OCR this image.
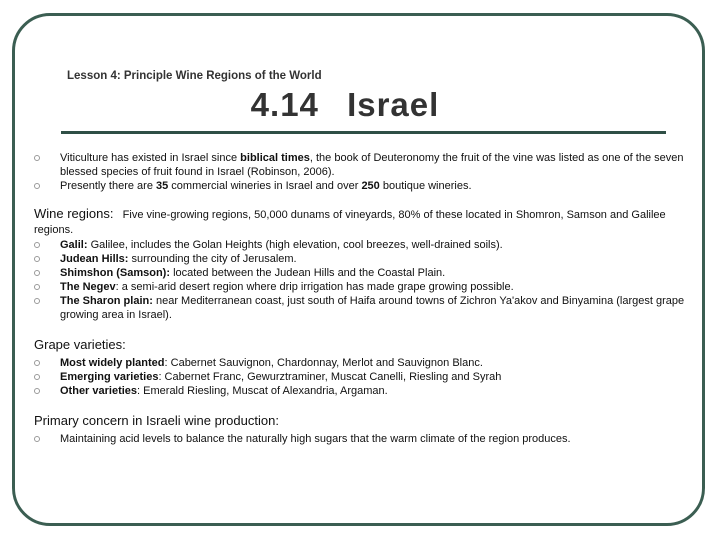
Lesson 4: Principle Wine Regions of the World
4.14 Israel
Viticulture has existed in Israel since biblical times, the book of Deuteronomy the fruit of the vine was listed as one of the seven blessed species of fruit found in Israel (Robinson, 2006).
Presently there are 35 commercial wineries in Israel and over 250 boutique wineries.
Wine regions: Five vine-growing regions, 50,000 dunams of vineyards, 80% of these located in Shomron, Samson and Galilee regions.
Galil: Galilee, includes the Golan Heights (high elevation, cool breezes, well-drained soils).
Judean Hills: surrounding the city of Jerusalem.
Shimshon (Samson): located between the Judean Hills and the Coastal Plain.
The Negev: a semi-arid desert region where drip irrigation has made grape growing possible.
The Sharon plain: near Mediterranean coast, just south of Haifa around towns of Zichron Ya'akov and Binyamina (largest grape growing area in Israel).
Grape varieties:
Most widely planted: Cabernet Sauvignon, Chardonnay, Merlot and Sauvignon Blanc.
Emerging varieties: Cabernet Franc, Gewurztraminer, Muscat Canelli, Riesling and Syrah
Other varieties: Emerald Riesling, Muscat of Alexandria, Argaman.
Primary concern in Israeli wine production:
Maintaining acid levels to balance the naturally high sugars that the warm climate of the region produces.
